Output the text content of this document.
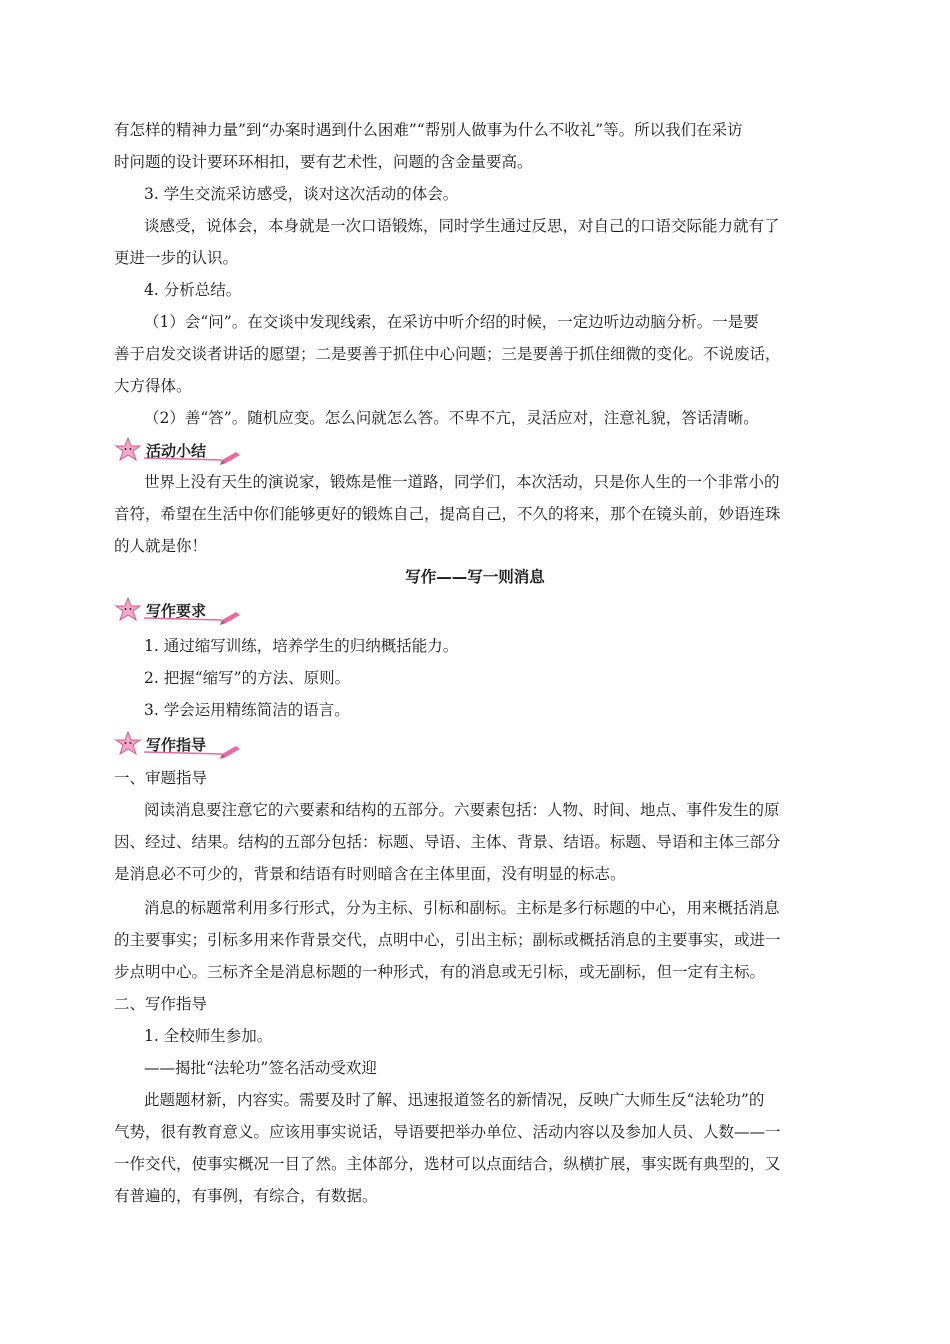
有怎样的精神力量”到“办案时遇到什么困难”“帮别人做事为什么不收礼”等。所以我们在采访
时问题的设计要环环相扣，要有艺术性，问题的含金量要高。
3. 学生交流采访感受，谈对这次活动的体会。
谈感受，说体会，本身就是一次口语锻炼，同时学生通过反思，对自己的口语交际能力就有了
更进一步的认识。
4. 分析总结。
（1）会“问”。在交谈中发现线索，在采访中听介绍的时候，一定边听边动脑分析。一是要
善于启发交谈者讲话的愿望；二是要善于抓住中心问题；三是要善于抓住细微的变化。不说废话，
大方得体。
（2）善“答”。随机应变。怎么问就怎么答。不卑不亢，灵活应对，注意礼貌，答话清晰。
活动小结
世界上没有天生的演说家，锻炼是惟一道路，同学们，本次活动，只是你人生的一个非常小的
音符，希望在生活中你们能够更好的锻炼自己，提高自己，不久的将来，那个在镜头前，妙语连珠
的人就是你！
写作——写一则消息
写作要求
1. 通过缩写训练，培养学生的归纳概括能力。
2. 把握“缩写”的方法、原则。
3. 学会运用精练简洁的语言。
写作指导
一、审题指导
阅读消息要注意它的六要素和结构的五部分。六要素包括：人物、时间、地点、事件发生的原
因、经过、结果。结构的五部分包括：标题、导语、主体、背景、结语。标题、导语和主体三部分
是消息必不可少的，背景和结语有时则暗含在主体里面，没有明显的标志。
消息的标题常利用多行形式，分为主标、引标和副标。主标是多行标题的中心，用来概括消息
的主要事实；引标多用来作背景交代，点明中心，引出主标；副标或概括消息的主要事实，或进一
步点明中心。三标齐全是消息标题的一种形式，有的消息或无引标，或无副标，但一定有主标。
二、写作指导
1. 全校师生参加。
——揭批“法轮功”签名活动受欢迎
此题题材新，内容实。需要及时了解、迅速报道签名的新情况，反映广大师生反“法轮功”的
气势，很有教育意义。应该用事实说话，导语要把举办单位、活动内容以及参加人员、人数——一
一作交代，使事实概况一目了然。主体部分，选材可以点面结合，纵横扩展，事实既有典型的，又
有普遍的，有事例，有综合，有数据。
